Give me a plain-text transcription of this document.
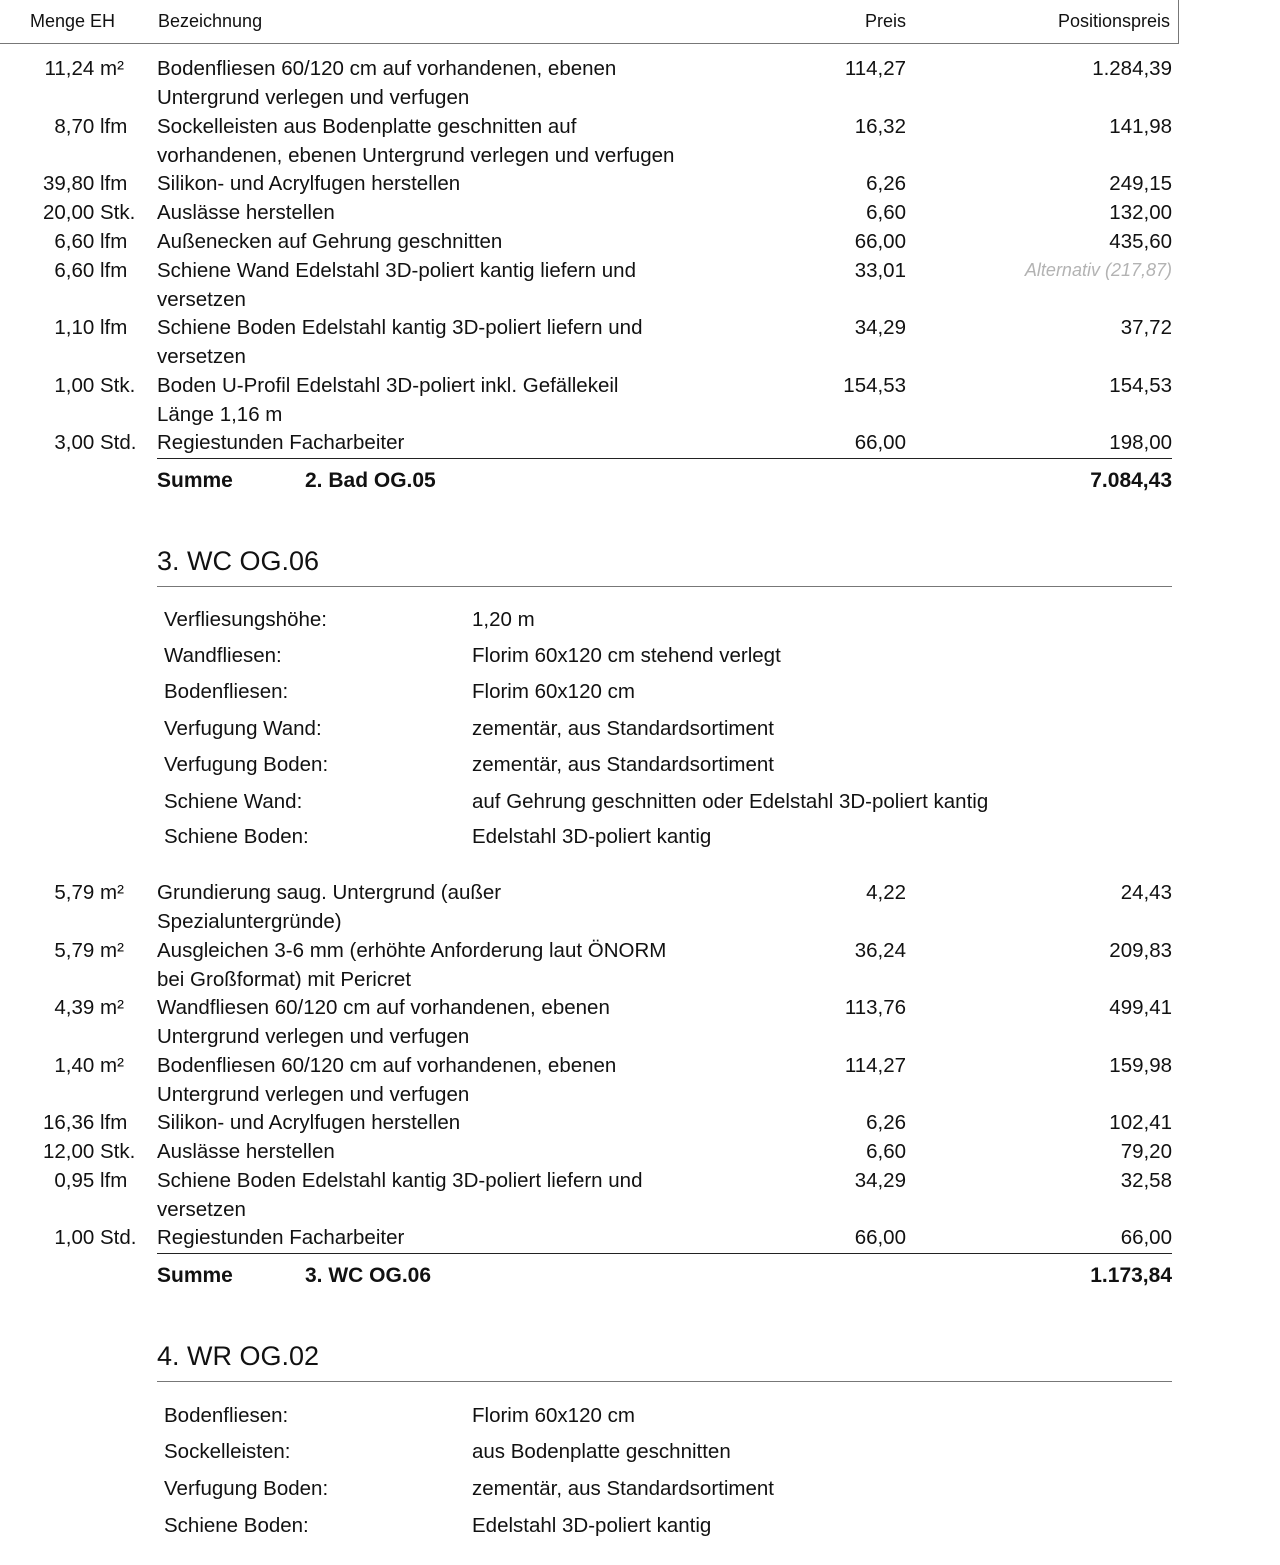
Menge EH Bezeichnung	Preis	Positionspreis
11,24 m²	Bodenfliesen 60/120 cm auf vorhandenen, ebenen
Untergrund verlegen und verfugen
114,27	1.284,39
8,70 lfm	Sockelleisten aus Bodenplatte geschnitten auf
vorhandenen, ebenen Untergrund verlegen und verfugen
16,32	141,98
39,80 lfm	Silikon- und Acrylfugen herstellen	6,26	249,15
20,00 Stk. Auslässe herstellen	6,60	132,00
6,60 lfm	Außenecken auf Gehrung geschnitten	66,00	435,60
6,60 lfm	Schiene Wand Edelstahl 3D-poliert kantig liefern und
versetzen
33,01	Alternativ (217,87)
1,10 lfm	Schiene Boden Edelstahl kantig 3D-poliert liefern und
versetzen
34,29	37,72
1,00 Stk. Boden U-Profil Edelstahl 3D-poliert inkl. Gefällekeil
Länge 1,16 m
154,53	154,53
3,00 Std. Regiestunden Facharbeiter	66,00	198,00
Summe	2. Bad OG.05	7.084,43
3. WC OG.06
Verfliesungshöhe:	1,20 m
Wandfliesen:	Florim 60x120 cm stehend verlegt
Bodenfliesen:	Florim 60x120 cm
Verfugung Wand:	zementär, aus Standardsortiment
Verfugung Boden:	zementär, aus Standardsortiment
Schiene Wand:	auf Gehrung geschnitten oder Edelstahl 3D-poliert kantig
Schiene Boden:	Edelstahl 3D-poliert kantig
5,79 m²	Grundierung saug. Untergrund (außer
Spezialuntergründe)
4,22	24,43
5,79 m²	Ausgleichen 3-6 mm (erhöhte Anforderung laut ÖNORM
bei Großformat) mit Pericret
36,24	209,83
4,39 m²	Wandfliesen 60/120 cm auf vorhandenen, ebenen
Untergrund verlegen und verfugen
113,76	499,41
1,40 m²	Bodenfliesen 60/120 cm auf vorhandenen, ebenen
Untergrund verlegen und verfugen
114,27	159,98
16,36 lfm	Silikon- und Acrylfugen herstellen	6,26	102,41
12,00 Stk. Auslässe herstellen	6,60	79,20
0,95 lfm	Schiene Boden Edelstahl kantig 3D-poliert liefern und
versetzen
34,29	32,58
1,00 Std. Regiestunden Facharbeiter	66,00	66,00
Summe	3. WC OG.06	1.173,84
4. WR OG.02
Bodenfliesen:	Florim 60x120 cm
Sockelleisten:	aus Bodenplatte geschnitten
Verfugung Boden:	zementär, aus Standardsortiment
Schiene Boden:	Edelstahl 3D-poliert kantig
